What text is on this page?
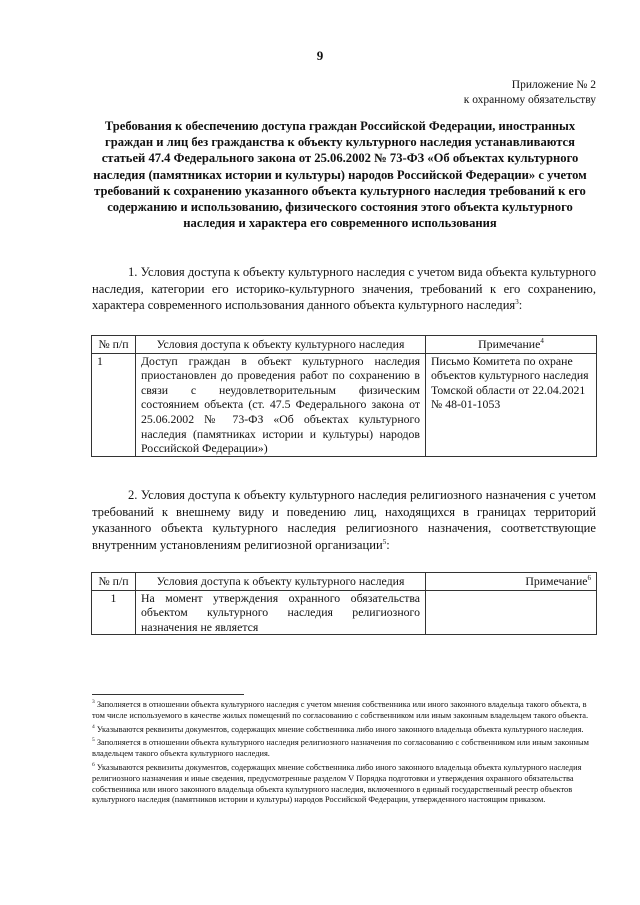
9
Приложение № 2
к охранному обязательству
Требования к обеспечению доступа граждан Российской Федерации, иностранных граждан и лиц без гражданства к объекту культурного наследия устанавливаются статьей 47.4 Федерального закона от 25.06.2002 № 73-ФЗ «Об объектах культурного наследия (памятниках истории и культуры) народов Российской Федерации» с учетом требований к сохранению указанного объекта культурного наследия требований к его содержанию и использованию, физического состояния этого объекта культурного наследия и характера его современного использования
1. Условия доступа к объекту культурного наследия с учетом вида объекта культурного наследия, категории его историко-культурного значения, требований к его сохранению, характера современного использования данного объекта культурного наследия$^3$:
№ п/п	Условия доступа к объекту культурного наследия	Примечание$^4$
1	Доступ граждан в объект культурного наследия приостановлен до проведения работ по сохранению в связи с неудовлетворительным физическим состоянием объекта (ст. 47.5 Федерального закона от 25.06.2002 № 73-ФЗ «Об объектах культурного наследия (памятниках истории и культуры) народов Российской Федерации»)	Письмо Комитета по охране объектов культурного наследия Томской области от 22.04.2021 № 48-01-1053
2. Условия доступа к объекту культурного наследия религиозного назначения с учетом требований к внешнему виду и поведению лиц, находящихся в границах территорий указанного объекта культурного наследия религиозного назначения, соответствующие внутренним установлениям религиозной организации$^5$:
№ п/п	Условия доступа к объекту культурного наследия	Примечание$^6$
1	На момент утверждения охранного обязательства объектом культурного наследия религиозного назначения не является	

$^3$ Заполняется в отношении объекта культурного наследия с учетом мнения собственника или иного законного владельца такого объекта, в том числе используемого в качестве жилых помещений по согласованию с собственником или иным законным владельцем такого объекта.

$^4$ Указываются реквизиты документов, содержащих мнение собственника либо иного законного владельца объекта культурного наследия.

$^5$ Заполняется в отношении объекта культурного наследия религиозного назначения по согласованию с собственником или иным законным владельцем такого объекта культурного наследия.

$^6$ Указываются реквизиты документов, содержащих мнение собственника либо иного законного владельца объекта культурного наследия религиозного назначения и иные сведения, предусмотренные разделом V Порядка подготовки и утверждения охранного обязательства собственника или иного законного владельца объекта культурного наследия, включенного в единый государственный реестр объектов культурного наследия (памятников истории и культуры) народов Российской Федерации, утвержденного настоящим приказом.
